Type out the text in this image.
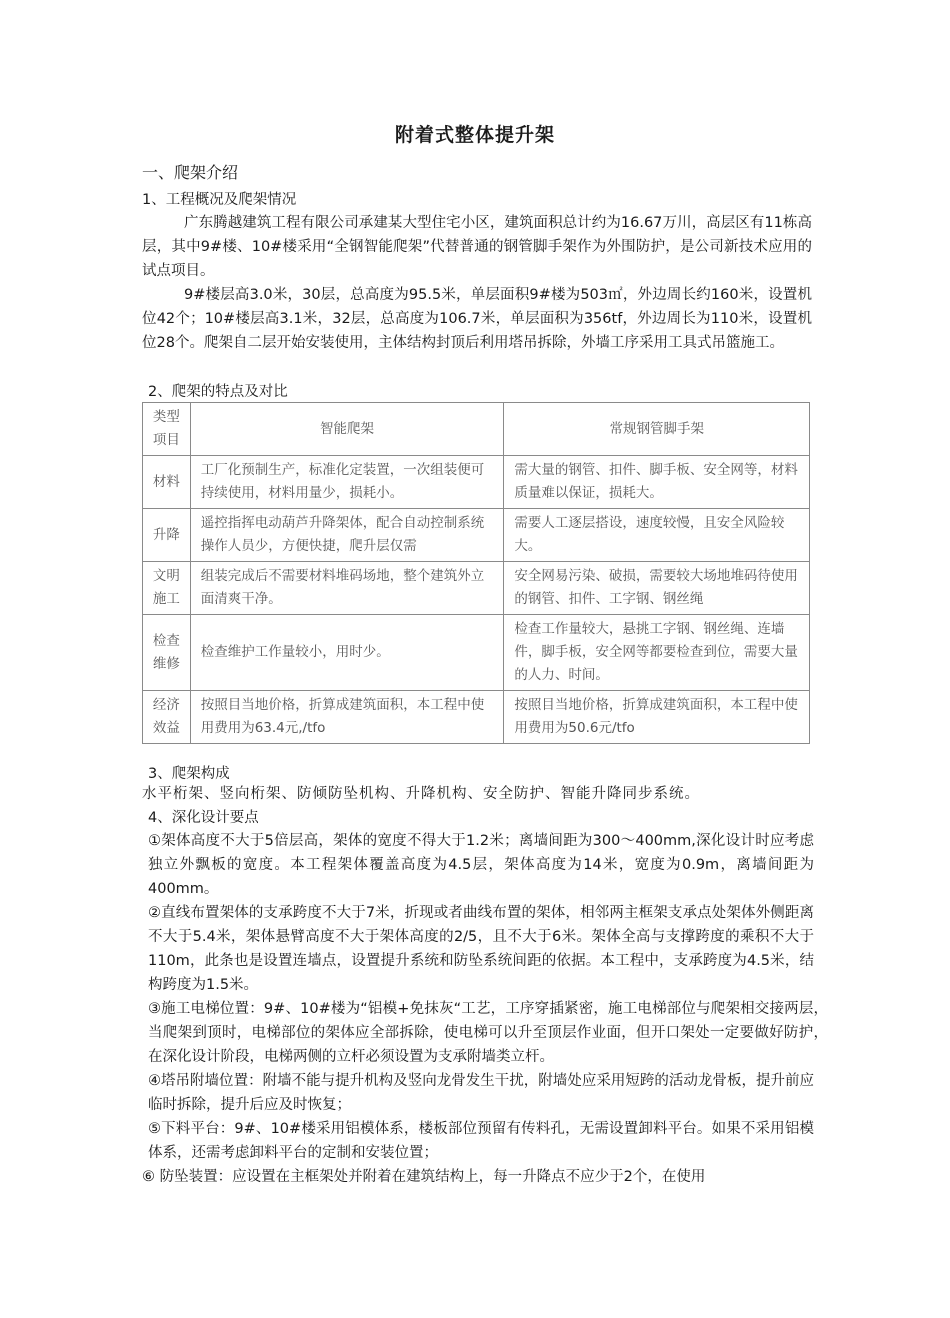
附着式整体提升架
一、爬架介绍
1、工程概况及爬架情况
广东腾越建筑工程有限公司承建某大型住宅小区，建筑面积总计约为16.67万川，高层区有11栋高层，其中9#楼、10#楼采用“全钢智能爬架”代替普通的钢管脚手架作为外围防护，是公司新技术应用的试点项目。
9#楼层高3.0米，30层，总高度为95.5米，单层面积9#楼为503㎡，外边周长约160米，设置机位42个；10#楼层高3.1米，32层，总高度为106.7米，单层面积为356tf，外边周长为110米，设置机位28个。爬架自二层开始安装使用，主体结构封顶后利用塔吊拆除，外墙工序采用工具式吊篮施工。
2、爬架的特点及对比
类型
项目	智能爬架	常规钢管脚手架

材料	工厂化预制生产，标准化定装置，一次组装便可持续使用，材料用量少，损耗小。	需大量的钢管、扣件、脚手板、安全网等，材料质量难以保证，损耗大。

升降	遥控指挥电动葫芦升降架体，配合自动控制系统操作人员少，方便快捷，爬升层仅需	需要人工逐层搭设，速度较慢，且安全风险较大。

文明
施工	组装完成后不需要材料堆码场地，整个建筑外立面清爽干净。	安全网易污染、破损，需要较大场地堆码待使用的钢管、扣件、工字钢、钢丝绳

检查
维修	检查维护工作量较小，用时少。	检查工作量较大，悬挑工字钢、钢丝绳、连墙件，脚手板，安全网等都要检查到位，需要大量的人力、时间。

经济
效益	按照目当地价格，折算成建筑面积，本工程中使用费用为63.4元,/tfo	按照目当地价格，折算成建筑面积，本工程中使用费用为50.6元/tfo
3、爬架构成
水平桁架、竖向桁架、防倾防坠机构、升降机构、安全防护、智能升降同步系统。
4、深化设计要点
①架体高度不大于5倍层高，架体的宽度不得大于1.2米；离墙间距为300〜400mm,深化设计时应考虑独立外飘板的宽度。本工程架体覆盖高度为4.5层，架体高度为14米，宽度为0.9m，离墙间距为400mm。
②直线布置架体的支承跨度不大于7米，折现或者曲线布置的架体，相邻两主框架支承点处架体外侧距离不大于5.4米，架体悬臂高度不大于架体高度的2/5，且不大于6米。架体全高与支撑跨度的乘积不大于110m，此条也是设置连墙点，设置提升系统和防坠系统间距的依据。本工程中，支承跨度为4.5米，结构跨度为1.5米。
③施工电梯位置：9#、10#楼为“铝模+免抹灰“工艺，工序穿插紧密，施工电梯部位与爬架相交接两层，当爬架到顶时，电梯部位的架体应全部拆除，使电梯可以升至顶层作业面，但开口架处一定要做好防护，在深化设计阶段，电梯两侧的立杆必须设置为支承附墙类立杆。
④塔吊附墙位置：附墙不能与提升机构及竖向龙骨发生干扰，附墙处应采用短跨的活动龙骨板，提升前应临时拆除，提升后应及时恢复；
⑤下料平台：9#、10#楼采用铝模体系，楼板部位预留有传料孔，无需设置卸料平台。如果不采用铝模体系，还需考虑卸料平台的定制和安装位置；
⑥ 防坠装置：应设置在主框架处并附着在建筑结构上，每一升降点不应少于2个，在使用
